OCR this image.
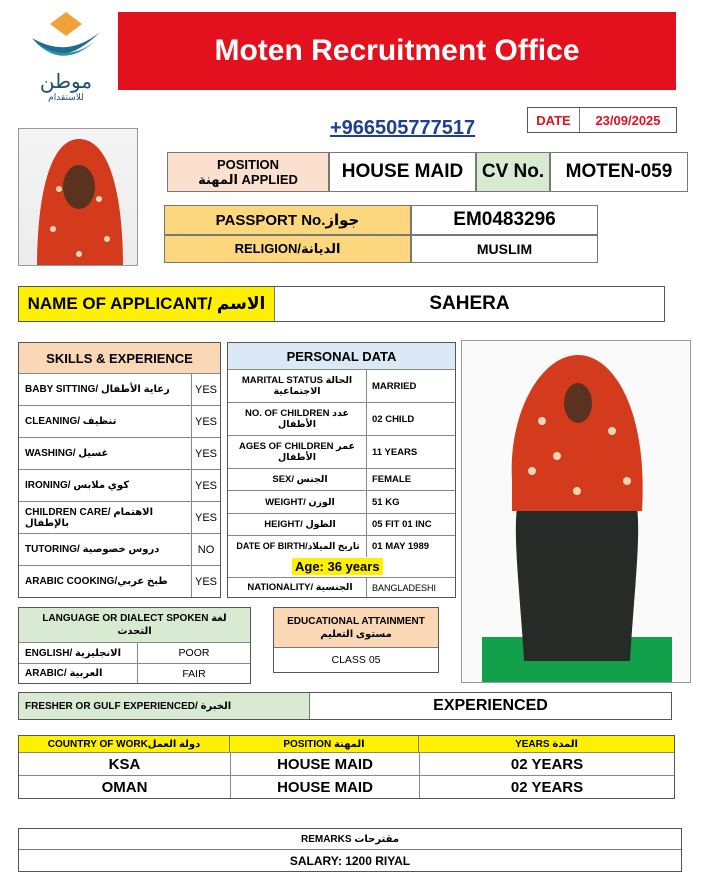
موطن
للاستقدام
Moten Recruitment Office
+966505777517	DATE	23/09/2025
POSITION المهنة APPLIED	HOUSE MAID CV No.	MOTEN-059
PASSPORT No.جواز	EM0483296
RELIGION/الديانة	MUSLIM
NAME OF APPLICANT/ الاسم	SAHERA
SKILLS & EXPERIENCE
BABY SITTING/ رعاية الأطفال	YES
CLEANING/ تنظيف	YES
WASHING/ غسيل	YES
IRONING/ كوي ملابس	YES
CHILDREN CARE/ الاهتمام بالإطفال	YES
TUTORING/ دروس خصوصية	NO
ARABIC COOKING/طبخ عربي	YES
PERSONAL DATA
MARITAL STATUS الحالة الاجتماعية	MARRIED
NO. OF CHILDREN عدد الأطفال	02 CHILD
AGES OF CHILDREN عمر الأطفال	11 YEARS
SEX/ الجنس	FEMALE
WEIGHT/ الوزن	51 KG
HEIGHT/ الطول	05 FIT 01 INC
DATE OF BIRTH/تاريخ الميلاد	01 MAY 1989
Age: 36 years
NATIONALITY/ الجنسية	BANGLADESHI
LANGUAGE OR DIALECT SPOKEN لغة التحدث
ENGLISH/ الانجليزية	POOR
ARABIC/ العربية	FAIR
EDUCATIONAL ATTAINMENT مستوى التعليم
CLASS 05
FRESHER OR GULF EXPERIENCED/ الخبرة	EXPERIENCED
COUNTRY OF WORKدولة العمل	POSITION المهنة	YEARS المدة
KSA	HOUSE MAID	02 YEARS
OMAN	HOUSE MAID	02 YEARS
REMARKS مقترحات
SALARY: 1200 RIYAL
